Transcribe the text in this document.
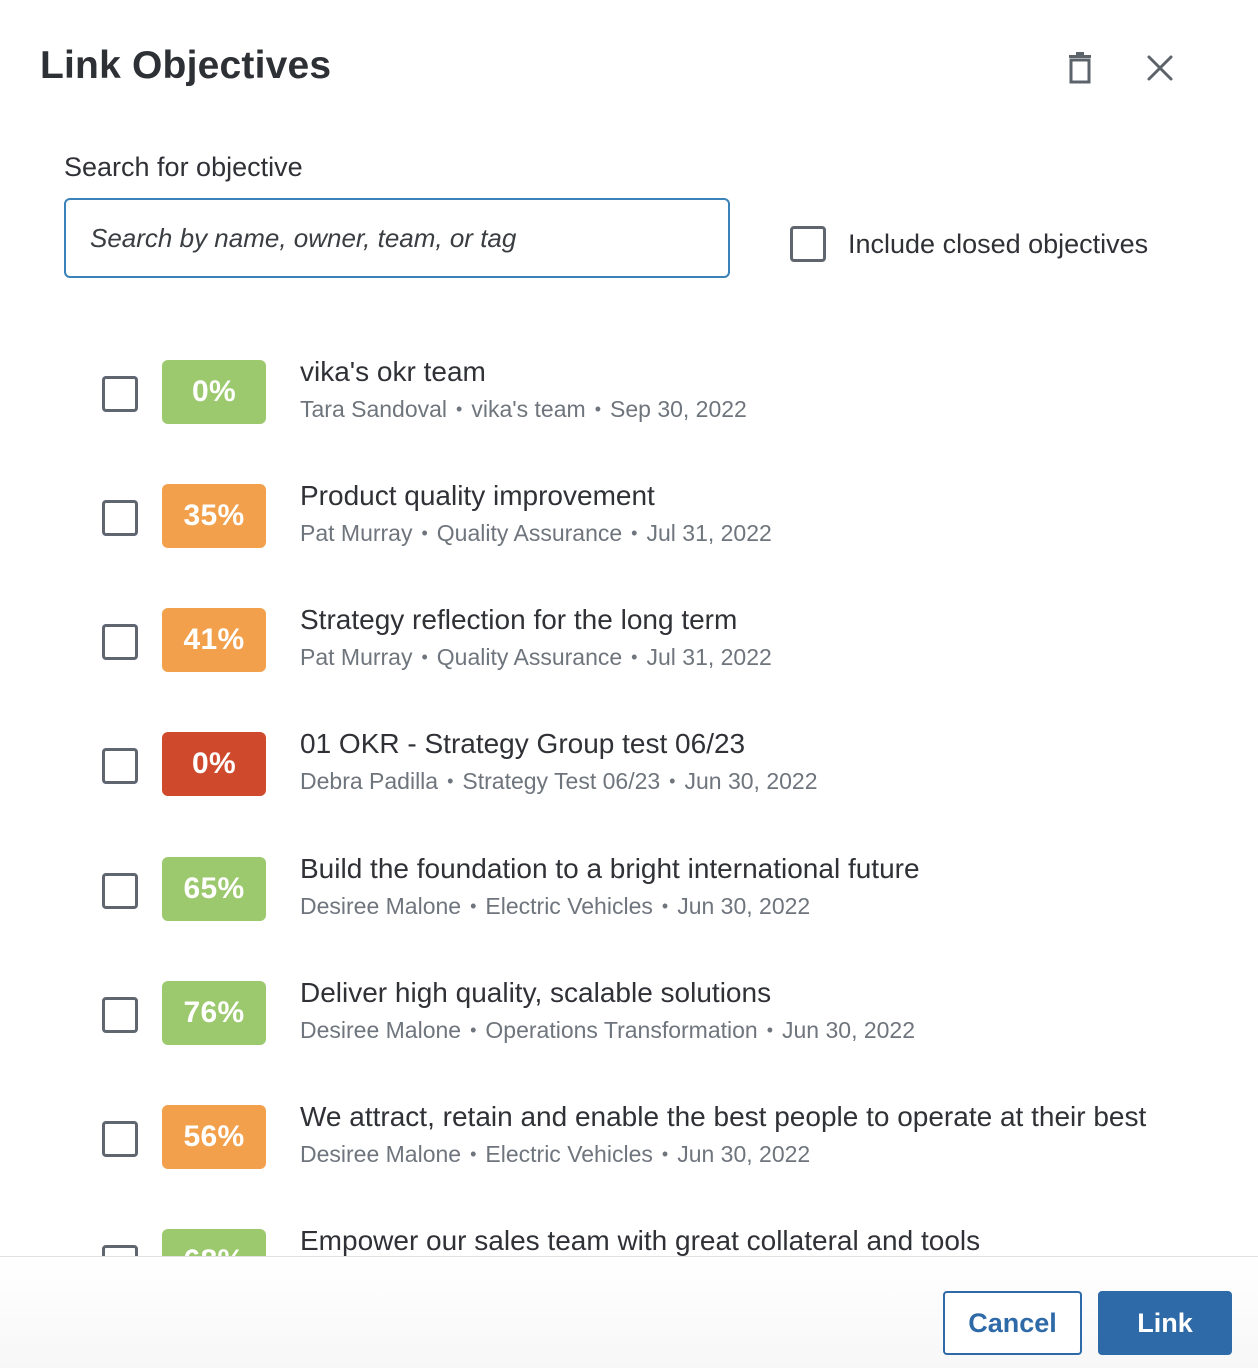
Link Objectives
Search for objective
Search by name, owner, team, or tag
Include closed objectives
0%
vika's okr team
Tara Sandoval • vika's team • Sep 30, 2022
35%
Product quality improvement
Pat Murray • Quality Assurance • Jul 31, 2022
41%
Strategy reflection for the long term
Pat Murray • Quality Assurance • Jul 31, 2022
0%
01 OKR - Strategy Group test 06/23
Debra Padilla • Strategy Test 06/23 • Jun 30, 2022
65%
Build the foundation to a bright international future
Desiree Malone • Electric Vehicles • Jun 30, 2022
76%
Deliver high quality, scalable solutions
Desiree Malone • Operations Transformation • Jun 30, 2022
56%
We attract, retain and enable the best people to operate at their best
Desiree Malone • Electric Vehicles • Jun 30, 2022
Empower our sales team with great collateral and tools
Cancel	Link
